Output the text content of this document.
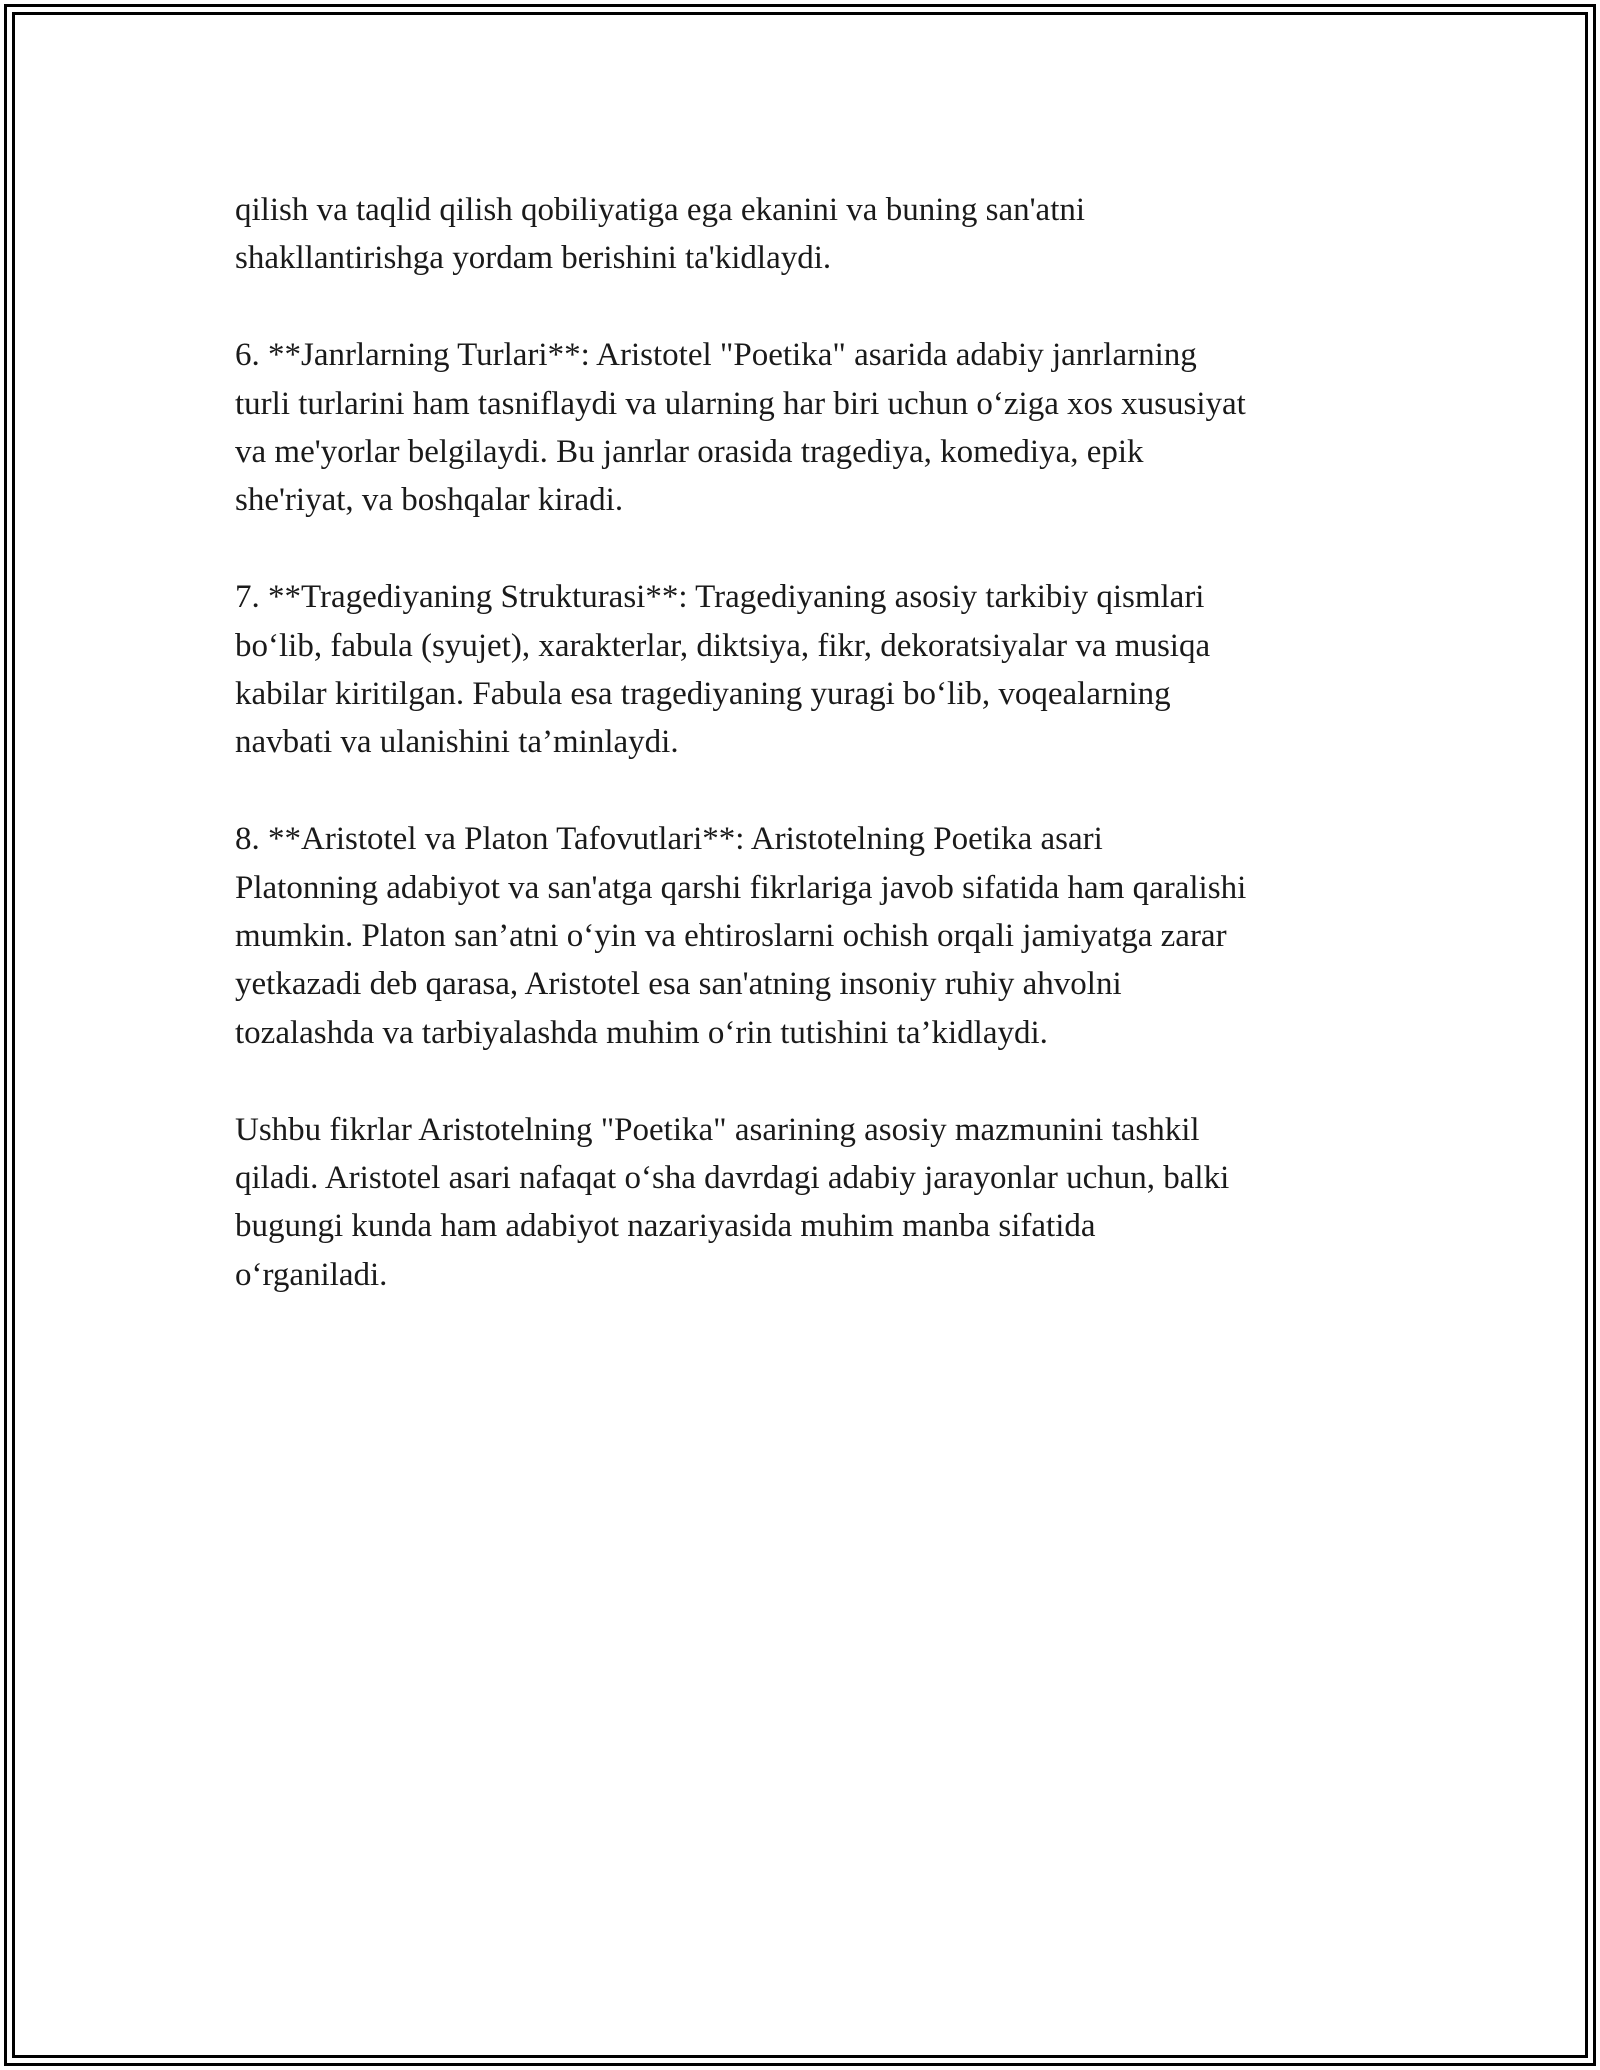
qilish va taqlid qilish qobiliyatiga ega ekanini va buning san'atni
shakllantirishga yordam berishini ta'kidlaydi.

6. **Janrlarning Turlari**: Aristotel "Poetika" asarida adabiy janrlarning
turli turlarini ham tasniflaydi va ularning har biri uchun o‘ziga xos xususiyat
va me'yorlar belgilaydi. Bu janrlar orasida tragediya, komediya, epik
she'riyat, va boshqalar kiradi.

7. **Tragediyaning Strukturasi**: Tragediyaning asosiy tarkibiy qismlari
bo‘lib, fabula (syujet), xarakterlar, diktsiya, fikr, dekoratsiyalar va musiqa
kabilar kiritilgan. Fabula esa tragediyaning yuragi bo‘lib, voqealarning
navbati va ulanishini ta’minlaydi.

8. **Aristotel va Platon Tafovutlari**: Aristotelning Poetika asari
Platonning adabiyot va san'atga qarshi fikrlariga javob sifatida ham qaralishi
mumkin. Platon san’atni o‘yin va ehtiroslarni ochish orqali jamiyatga zarar
yetkazadi deb qarasa, Aristotel esa san'atning insoniy ruhiy ahvolni
tozalashda va tarbiyalashda muhim o‘rin tutishini ta’kidlaydi.

Ushbu fikrlar Aristotelning "Poetika" asarining asosiy mazmunini tashkil
qiladi. Aristotel asari nafaqat o‘sha davrdagi adabiy jarayonlar uchun, balki
bugungi kunda ham adabiyot nazariyasida muhim manba sifatida
o‘rganiladi.
